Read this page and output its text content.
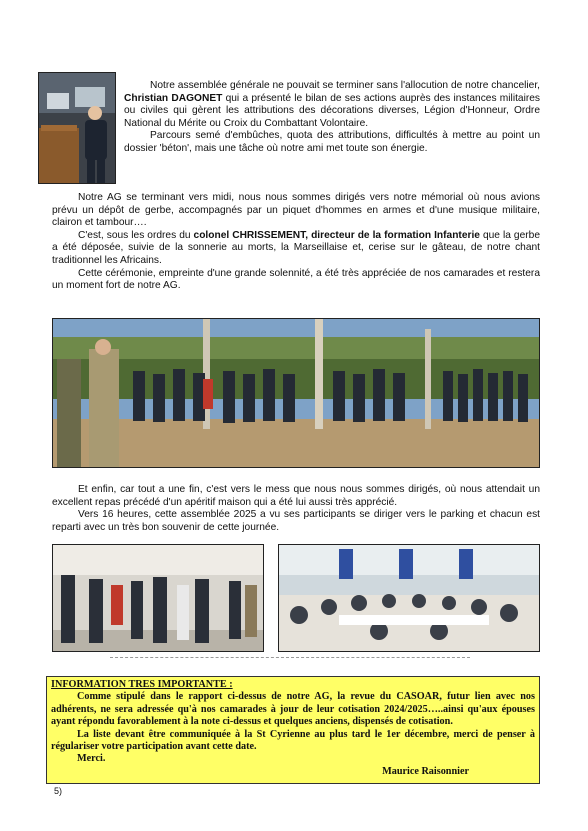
Notre assemblée générale ne pouvait se terminer sans l'allocution de notre chancelier, Christian DAGONET qui a présenté le bilan de ses actions auprès des instances militaires ou civiles qui gèrent les attributions des décorations diverses, Légion d'Honneur, Ordre National du Mérite ou Croix du Combattant Volontaire.

Parcours semé d'embûches, quota des attributions, difficultés à mettre au point un dossier 'béton', mais une tâche où notre ami met toute son énergie.

Notre AG se terminant vers midi, nous nous sommes dirigés vers notre mémorial où nous avions prévu un dépôt de gerbe, accompagnés par un piquet d'hommes en armes et d'une musique militaire, clairon et tambour….

C'est, sous les ordres du colonel CHRISSEMENT, directeur de la formation Infanterie que la gerbe a été déposée, suivie de la sonnerie au morts, la Marseillaise et, cerise sur le gâteau, de notre chant traditionnel les Africains.

Cette cérémonie, empreinte d'une grande solennité, a été très appréciée de nos camarades et restera un moment fort de notre AG.

Et enfin, car tout a une fin, c'est vers le mess que nous nous sommes dirigés, où nous attendait un excellent repas précédé d'un apéritif maison qui a été lui aussi très apprécié.

Vers 16 heures, cette assemblée 2025 a vu ses participants se diriger vers le parking et chacun est reparti avec un très bon souvenir de cette journée.

INFORMATION TRES IMPORTANTE :

Comme stipulé dans le rapport ci-dessus de notre AG, la revue du CASOAR, futur lien avec nos adhérents, ne sera adressée qu'à nos camarades à jour de leur cotisation 2024/2025…..ainsi qu'aux épouses ayant répondu favorablement à la note ci-dessus et quelques anciens, dispensés de cotisation.

La liste devant être communiquée à la St Cyrienne au plus tard le 1er décembre, merci de penser à régulariser votre participation avant cette date.

Merci.

Maurice Raisonnier

5)
